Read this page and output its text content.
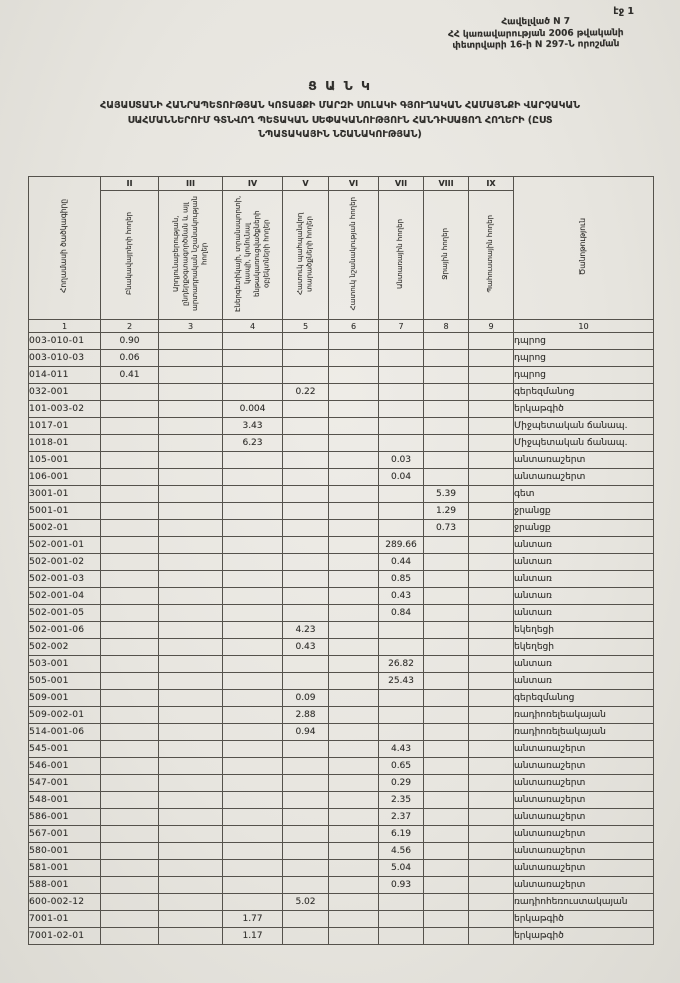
էջ 1
Հավելված N 7
ՀՀ կառավարության 2006 թվականի
փետրվարի 16-ի N 297-Ն որոշման
Ց Ա Ն Կ
ՀԱՅԱՍՏԱՆԻ ՀԱՆՐԱՊԵՏՈՒԹՅԱՆ ԿՈՏԱՅՔԻ ՄԱՐԶԻ ՍՈԼԱԿԻ ԳՅՈՒՂԱԿԱՆ ՀԱՄԱՅՆՔԻ ՎԱՐՉԱԿԱՆ
ՍԱՀՄԱՆՆԵՐՈՒՄ ԳՏՆՎՈՂ ՊԵՏԱԿԱՆ ՍԵՓԱԿԱՆՈՒԹՅՈՒՆ ՀԱՆԴԻՍԱՑՈՂ ՀՈՂԵՐԻ (ԸՍՏ
ՆՊԱՏԱԿԱՅԻՆ ՆՇԱՆԱԿՈՒԹՅԱՆ)
Հողամասի ծածկագիրը	II	III	IV	V	VI	VII	VIII	IX	Ծանոթություն
	Բնակավայրերի հողեր	Արդյունաբերության, ընդերքօգտագործման և այլ արտադրական նշանակության հողեր	Էներգետիկայի, տրանսպորտի, կապի, կոմունալ ենթակառուցվածքների օբյեկտների հողեր	Հատուկ պահպանվող տարածքների հողեր	Հատուկ նշանակության հողեր	Անտառային հողեր	Ջրային հողեր	Պահուստային հողեր	
1	2	3	4	5	6	7	8	9	10
003-010-01	0.90								դպրոց
003-010-03	0.06								դպրոց
014-011	0.41								դպրոց
032-001				0.22					գերեզմանոց
101-003-02			0.004						երկաթգիծ
1017-01			3.43						Միջպետական ճանապ.
1018-01			6.23						Միջպետական ճանապ.
105-001						0.03			անտառաշերտ
106-001						0.04			անտառաշերտ
3001-01							5.39		գետ
5001-01							1.29		ջրանցք
5002-01							0.73		ջրանցք
502-001-01						289.66			անտառ
502-001-02						0.44			անտառ
502-001-03						0.85			անտառ
502-001-04						0.43			անտառ
502-001-05						0.84			անտառ
502-001-06				4.23					եկեղեցի
502-002				0.43					եկեղեցի
503-001						26.82			անտառ
505-001						25.43			անտառ
509-001				0.09					գերեզմանոց
509-002-01				2.88					ռադիոռելեակայան
514-001-06				0.94					ռադիոռելեակայան
545-001						4.43			անտառաշերտ
546-001						0.65			անտառաշերտ
547-001						0.29			անտառաշերտ
548-001						2.35			անտառաշերտ
586-001						2.37			անտառաշերտ
567-001						6.19			անտառաշերտ
580-001						4.56			անտառաշերտ
581-001						5.04			անտառաշերտ
588-001						0.93			անտառաշերտ
600-002-12				5.02					ռադիոհեռուստակայան
7001-01			1.77						երկաթգիծ
7001-02-01			1.17						երկաթգիծ
